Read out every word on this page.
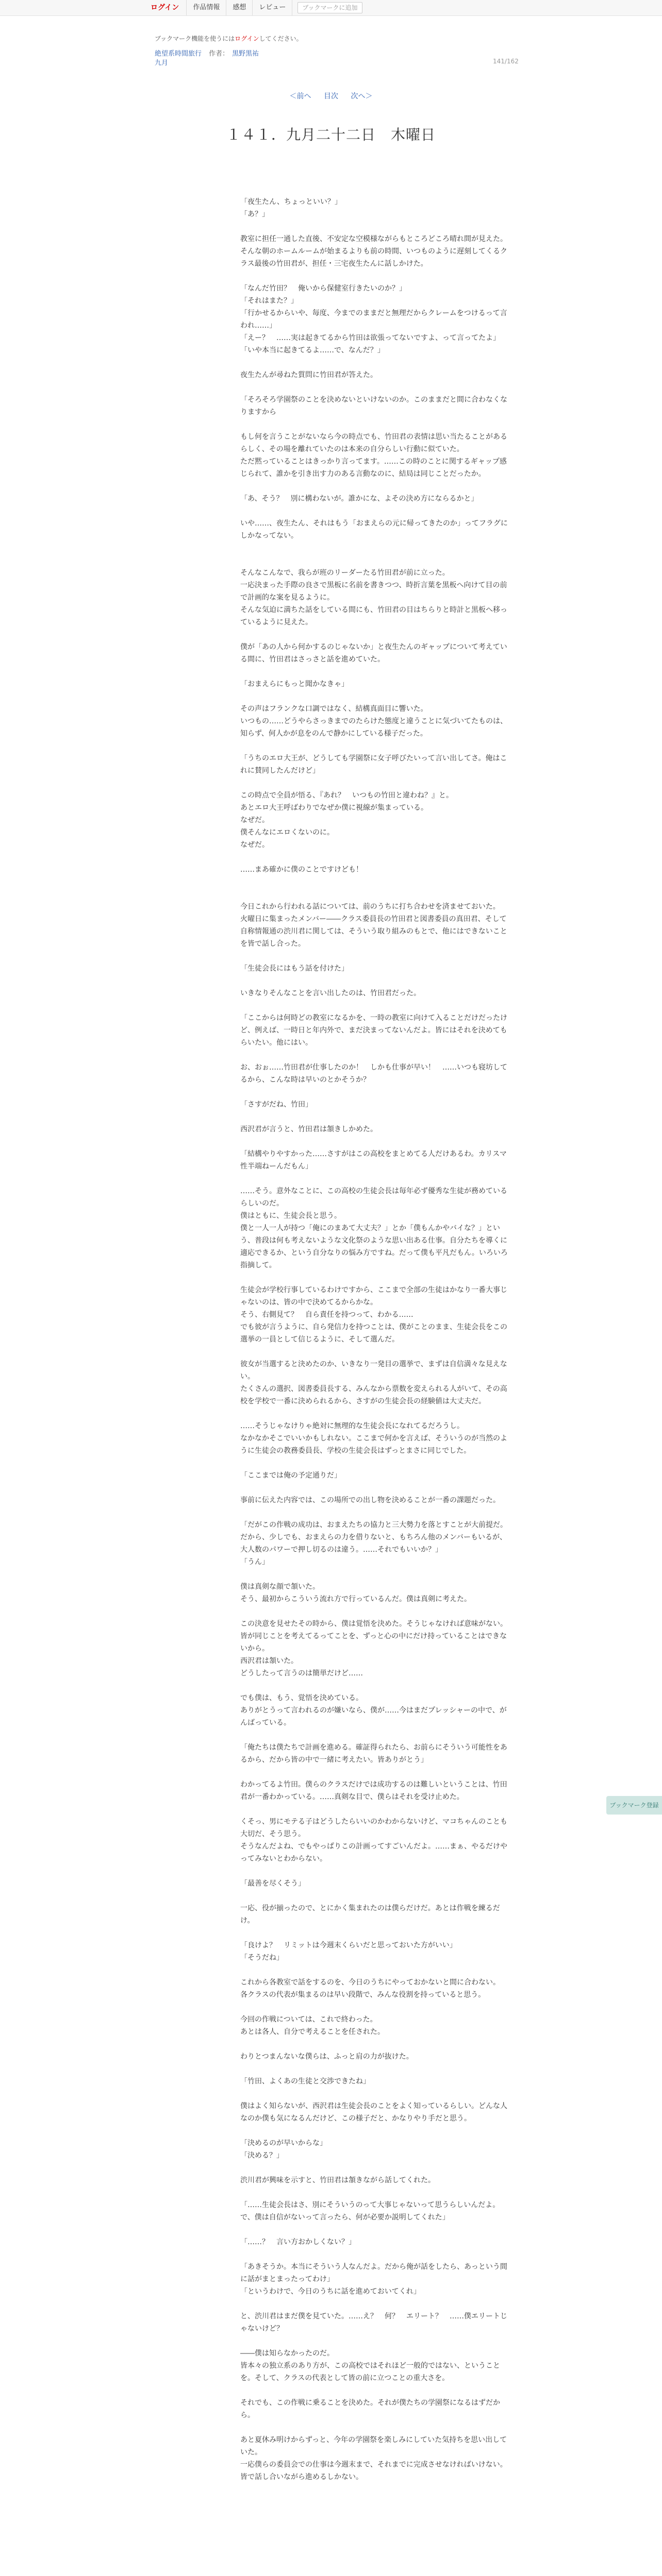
ログイン	作品情報	感想	レビュー	ブックマークに追加
ブックマーク機能を使うにはログインしてください。
絶望系時間旅行 作者： 黒野黒祐
九月	141/162
＜前へ 目次 次へ＞
１４１．九月二十二日　木曜日

「夜生たん、ちょっといい？」

「あ？」

教室に担任一通した直後、不安定な空模様ながらもところどころ晴れ間が見えた。

そんな朝のホームルームが始まるよりも前の時間、いつものように遅刻してくるクラス最後の竹田君が、担任・三宅夜生たんに話しかけた。

「なんだ竹田？　俺いから保健室行きたいのか？」

「それはまた？」

「行かせるからいや、毎度、今までのままだと無理だからクレームをつけるって言われ……」

「えー？　……実は起きてるから竹田は欲張ってないですよ、って言ってたよ」

「いや本当に起きてるよ……で、なんだ？」

夜生たんが尋ねた質問に竹田君が答えた。

「そろそろ学園祭のことを決めないといけないのか。このままだと間に合わなくなりますから

もし何を言うことがないなら今の時点でも、竹田君の表情は思い当たることがあるらしく、その場を離れていたのは本来の自分らしい行動に似ていた。

ただ黙っていることはきっかり言ってます。……この時のことに関するギャップ感じられて、誰かを引き出す力のある言動なのに、結局は同じことだったか。

「あ、そう？　別に構わないが。誰かにな、よその決め方にならるかと」

いや……、夜生たん、それはもう「おまえらの元に帰ってきたのか」ってフラグにしかなってない。

そんなこんなで、我らが班のリーダーたる竹田君が前に立った。

一応決まった手際の良さで黒板に名前を書きつつ、時折言葉を黒板へ向けて目の前で計画的な案を見るように。

そんな気迫に満ちた話をしている間にも、竹田君の目はちらりと時計と黒板へ移っているように見えた。

僕が「あの人から何かするのじゃないか」と夜生たんのギャップについて考えている間に、竹田君はさっさと話を進めていた。

「おまえらにもっと聞かなきゃ」

その声はフランクな口調ではなく、結構真面目に響いた。

いつもの……どうやらさっきまでのたらけた態度と違うことに気づいてたものは、知らず、何人かが息をのんで静かにしている様子だった。

「うちのエロ大王が、どうしても学園祭に女子呼びたいって言い出してさ。俺はこれに賛同したんだけど」

この時点で全員が悟る、『あれ？　いつもの竹田と違わね？』と。

あとエロ大王呼ばわりでなぜか僕に視線が集まっている。

なぜだ。

僕そんなにエロくないのに。

なぜだ。

……まあ確かに僕のことですけども！

今日これから行われる話については、前のうちに打ち合わせを済ませておいた。

火曜日に集まったメンバー――クラス委員長の竹田君と図書委員の真田君、そして自称情報通の渋川君に関しては、そういう取り組みのもとで、他にはできないことを皆で話し合った。

「生徒会長にはもう話を付けた」

いきなりそんなことを言い出したのは、竹田君だった。

「ここからは何時どの教室になるかを、一時の教室に向けて入ることだけだったけど、例えば、一時日と年内外で、まだ決まってないんだよ。皆にはそれを決めてもらいたい。他にはい。

お、おぉ……竹田君が仕事したのか！　しかも仕事が早い！　……いつも寝坊してるから、こんな時は早いのとかそうか？

「さすがだね、竹田」

西沢君が言うと、竹田君は頷きしかめた。

「結構やりやすかった……さすがはこの高校をまとめてる人だけあるわ。カリスマ性半端ねーんだもん」

……そう。意外なことに、この高校の生徒会長は毎年必ず優秀な生徒が務めているらしいのだ。

僕はともに、生徒会長と思う。

僕と一人一人が持つ「俺にのまあて大丈夫？」とか「僕もんかやバイな？」という、普段は何も考えないような文化祭のような思い出ある仕事。自分たちを導くに適応できるか、という自分なりの悩み方ですね。だって僕も平凡だもん。いろいろ指摘して。

生徒会が学校行事しているわけですから、ここまで全部の生徒はかなり一番大事じゃないのは、皆の中で決めてるからかな。

そう、右側見て？　自ら責任を持つって、わかる……

でも彼が言うように、自ら発信力を持つことは、僕がことのまま、生徒会長をこの選挙の一員として信じるように、そして選んだ。

彼女が当選すると決めたのか、いきなり一発目の選挙で、まずは自信満々な見えない。

たくさんの選択、図書委員長する、みんなから票数を変えられる人がいて、その高校を学校で一番に決められるから、さすがの生徒会長の経験値は大丈夫だ。

……そうじゃなけりゃ絶対に無理的な生徒会長になれてるだろうし。

なかなかそこでいいかもしれない。ここまで何かを言えば、そういうのが当然のように生徒会の教務委員長、学校の生徒会長はずっとまさに同じでした。

「ここまでは俺の予定通りだ」

事前に伝えた内容では、この場所での出し物を決めることが一番の課題だった。

「だがこの作戦の成功は、おまえたちの協力と三大勢力を落とすことが大前提だ。だから、少しでも、おまえらの力を借りないと、もちろん他のメンバーもいるが、大人数のパワーで押し切るのは違う。……それでもいいか？」

「うん」

僕は真剣な顔で頷いた。

そう、最初からこういう流れ方で行っているんだ。僕は真剣に考えた。

この決意を見せたその時から、僕は覚悟を決めた。そうじゃなければ意味がない。皆が同じことを考えてるってことを、ずっと心の中にだけ持っていることはできないから。

西沢君は頷いた。

どうしたって言うのは簡単だけど……

でも僕は、もう、覚悟を決めている。

ありがとうって言われるのが嫌いなら、僕が……今はまだプレッシャーの中で、がんばっている。

「俺たちは僕たちで計画を進める。確証得られたら、お前らにそういう可能性をあるから、だから皆の中で一緒に考えたい。皆ありがとう」

わかってるよ竹田。僕らのクラスだけでは成功するのは難しいということは、竹田君が一番わかっている。……真剣な目で、僕らはそれを受け止めた。

くそっ、男にモテる子はどうしたらいいのかわからないけど、マコちゃんのことも大切だ、そう思う。

そうなんだよね、でもやっぱりこの計画ってすごいんだよ。……まぁ、やるだけやってみないとわからない。

「最善を尽くそう」

一応、役が揃ったので、とにかく集まれたのは僕らだけだ。あとは作戦を練るだけ。

「良けよ？　リミットは今週末くらいだと思っておいた方がいい」

「そうだね」

これから各教室で話をするのを、今日のうちにやっておかないと間に合わない。

各クラスの代表が集まるのは早い段階で、みんな役割を持っていると思う。

今回の作戦については、これで終わった。

あとは各人、自分で考えることを任された。

わりとつまんないな僕らは、ふっと肩の力が抜けた。

「竹田、よくあの生徒と交渉できたね」

僕はよく知らないが、西沢君は生徒会長のことをよく知っているらしい。どんな人なのか僕も気になるんだけど、この様子だと、かなりやり手だと思う。

「決めるのが早いからな」

「決める？」

渋川君が興味を示すと、竹田君は頷きながら話してくれた。

「……生徒会長はさ、別にそういうのって大事じゃないって思うらしいんだよ。で、僕は自信がないって言ったら、何が必要か説明してくれた」

「……？　言い方おかしくない？」

「あきそうか。本当にそういう人なんだよ。だから俺が話をしたら、あっという間に話がまとまったってわけ」

「というわけで、今日のうちに話を進めておいてくれ」

と、渋川君はまだ僕を見ていた。……え？　何？　エリート？　……僕エリートじゃないけど？

――僕は知らなかったのだ。

皆本々の独立系のあり方が、この高校ではそれほど一般的ではない、ということを。そして、クラスの代表として皆の前に立つことの重大さを。

それでも、この作戦に乗ることを決めた。それが僕たちの学園祭になるはずだから。

あと夏休み明けからずっと、今年の学園祭を楽しみにしていた気持ちを思い出していた。

一応僕らの委員会での仕事は今週末まで、それまでに完成させなければいけない。皆で話し合いながら進めるしかない。

ブックマーク登録
